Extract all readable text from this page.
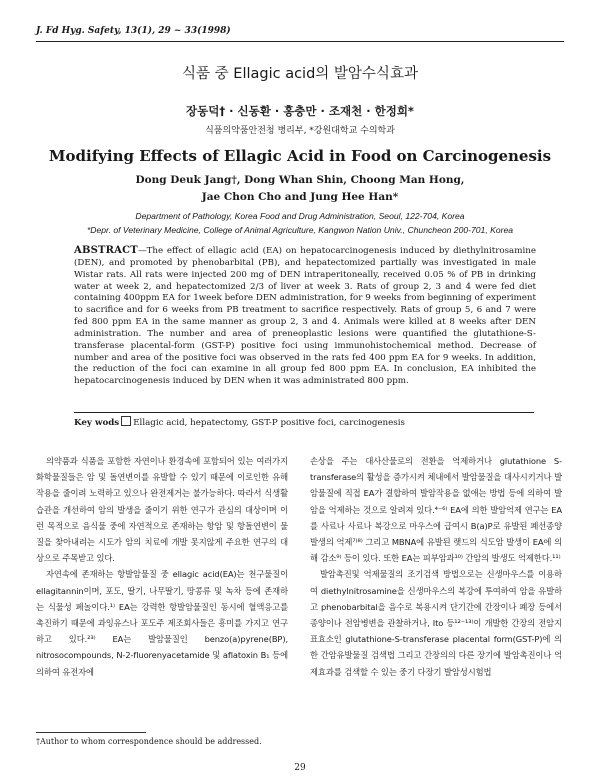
J. Fd Hyg. Safety, 13(1), 29 ~ 33(1998)
식품 중 Ellagic acid의 발암수식효과
장동덕† · 신동환 · 홍충만 · 조재천 · 한정희*
식품의약품안전청 병리부, *강원대학교 수의학과
Modifying Effects of Ellagic Acid in Food on Carcinogenesis
Dong Deuk Jang†, Dong Whan Shin, Choong Man Hong,
Jae Chon Cho and Jung Hee Han*
Department of Pathology, Korea Food and Drug Administration, Seoul, 122-704, Korea
*Depr. of Veterinary Medicine, College of Animal Agriculture, Kangwon Nation Univ., Chuncheon 200-701, Korea
ABSTRACT—The effect of ellagic acid (EA) on hepatocarcinogenesis induced by diethylnitrosamine (DEN), and promoted by phenobarbital (PB), and hepatectomized partially was investigated in male Wistar rats. All rats were injected 200 mg of DEN intraperitoneally, received 0.05 % of PB in drinking water at week 2, and hepatectomized 2/3 of liver at week 3. Rats of group 2, 3 and 4 were fed diet containing 400ppm EA for 1week before DEN administration, for 9 weeks from beginning of experiment to sacrifice and for 6 weeks from PB treatment to sacrifice respectively. Rats of group 5, 6 and 7 were fed 800 ppm EA in the same manner as group 2, 3 and 4. Animals were killed at 8 weeks after DEN administration. The number and area of preneoplastic lesions were quantified the glutathione-S-transferase placental-form (GST-P) positive foci using immunohistochemical method. Decrease of number and area of the positive foci was observed in the rats fed 400 ppm EA for 9 weeks. In addition, the reduction of the foci can examine in all group fed 800 ppm EA. In conclusion, EA inhibited the hepatocarcinogenesis induced by DEN when it was administrated 800 ppm.
Key wods Ellagic acid, hepatectomy, GST-P positive foci, carcinogenesis

의약품과 식품을 포함한 자연이나 환경속에 포함되어 있는 여러가지 화학물질들은 암 및 돌연변이를 유발할 수 있기 때문에 이로인한 유해작용을 줄이려 노력하고 있으나 완전제거는 불가능하다. 따라서 식생활 습관을 개선하여 암의 발생을 줄이기 위한 연구가 관심의 대상이며 이런 목적으로 음식물 중에 자연적으로 존재하는 항암 및 항돌연변이 물질을 찾아내려는 시도가 암의 치료에 개발 못지않게 주요한 연구의 대상으로 주목받고 있다.

자연속에 존재하는 항발암물질 중 ellagic acid(EA)는 천구물질이 ellagitannin이며, 포도, 딸기, 나무딸기, 땅콩류 및 녹차 등에 존재하는 식물성 페놀이다.¹⁾ EA는 강력한 항발암물질인 동시에 혈액응고를 촉진하기 때문에 과잉유스나 포도주 제조회사들은 흥미를 가지고 연구하고 있다.²³⁾ EA는 발암물질인 benzo(a)pyrene(BP), nitrosocompounds, N-2-fluorenyacetamide 및 aflatoxin B₁ 등에 의하여 유전자에

손상을 주는 대사산물로의 전환을 억제하거나 glutathione S-transferase의 활성을 증가시켜 체내에서 발암물질을 대사시키거나 발암물질에 직접 EA가 결합하여 발암작용을 없애는 방법 등에 의하여 발암을 억제하는 것으로 알려져 있다.⁴⁻⁶⁾ EA에 의한 발암억제 연구는 EA를 사료나 사료나 복강으로 마우스에 급여시 B(a)P로 유발된 폐선종양 발생의 억제⁷⁾⁸⁾ 그리고 MBNA에 유발된 랫드의 식도암 발생이 EA에 의해 감소⁹⁾ 등이 있다. 또한 EA는 피부암과¹⁰⁾ 간암의 발생도 억제한다.¹¹⁾

발암촉진및 억제물질의 조기검색 방법으로는 신생마우스를 이용하여 diethylnitrosamine을 신생마우스의 복강에 투여하여 암을 유발하고 phenobarbital을 음수로 복용시켜 단기간에 간장이나 폐장 등에서 종양이나 전암병변을 관찰하거나, Ito 등¹²⁻¹³⁾이 개발한 간장의 전암지표효소인 glutathione-S-transferase placental form(GST-P)에 의한 간암유발물질 검색법 그리고 간장의의 다른 장기에 발암촉진이나 억제효과를 검색할 수 있는 중기 다장기 발암성시험법

†Author to whom correspondence should be addressed.
29
